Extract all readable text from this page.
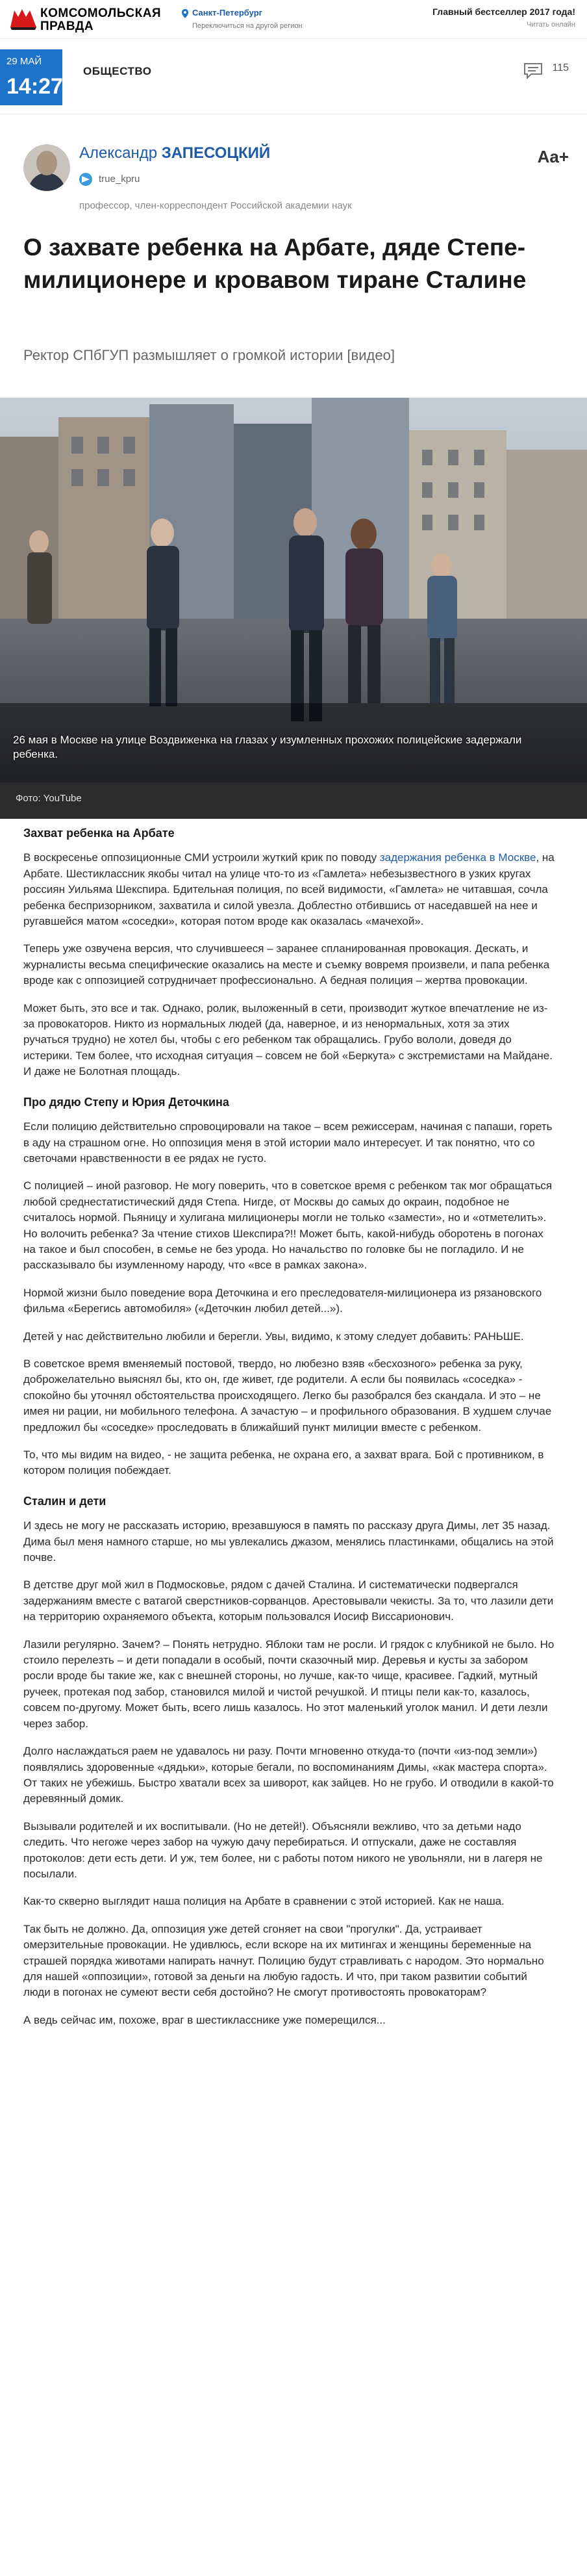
КОМСОМОЛЬСКАЯ
ПРАВДА
Санкт-Петербург
Переключиться на другой регион
Главный бестселлер 2017 года!
Читать онлайн
29 МАЙ
14:27
ОБЩЕСТВО	115
Александр ЗАПЕСОЦКИЙ
true_kpru
профессор, член-корреспондент Российской академии наук
Aa+
О захвате ребенка на Арбате, дяде Степе-милиционере и кровавом тиране Сталине
Ректор СПбГУП размышляет о громкой истории [видео]
26 мая в Москве на улице Воздвиженка на глазах у изумленных прохожих полицейские задержали ребенка.
Фото: YouTube
Захват ребенка на Арбате

В воскресенье оппозиционные СМИ устроили жуткий крик по поводу задержания ребенка в Москве, на Арбате. Шестиклассник якобы читал на улице что-то из «Гамлета» небезызвестного в узких кругах россиян Уильяма Шекспира. Бдительная полиция, по всей видимости, «Гамлета» не читавшая, сочла ребенка беспризорником, захватила и силой увезла. Доблестно отбившись от наседавшей на нее и ругавшейся матом «соседки», которая потом вроде как оказалась «мачехой».

Теперь уже озвучена версия, что случившееся – заранее спланированная провокация. Дескать, и журналисты весьма специфические оказались на месте и съемку вовремя произвели, и папа ребенка вроде как с оппозицией сотрудничает профессионально. А бедная полиция – жертва провокации.

Может быть, это все и так. Однако, ролик, выложенный в сети, производит жуткое впечатление не из-за провокаторов. Никто из нормальных людей (да, наверное, и из ненормальных, хотя за этих ручаться трудно) не хотел бы, чтобы с его ребенком так обращались. Грубо вололи, доведя до истерики. Тем более, что исходная ситуация – совсем не бой «Беркута» с экстремистами на Майдане. И даже не Болотная площадь.

Про дядю Степу и Юрия Деточкина

Если полицию действительно спровоцировали на такое – всем режиссерам, начиная с папаши, гореть в аду на страшном огне. Но оппозиция меня в этой истории мало интересует. И так понятно, что со светочами нравственности в ее рядах не густо.

С полицией – иной разговор. Не могу поверить, что в советское время с ребенком так мог обращаться любой среднестатистический дядя Степа. Нигде, от Москвы до самых до окраин, подобное не считалось нормой. Пьяницу и хулигана милиционеры могли не только «замести», но и «отметелить». Но волочить ребенка? За чтение стихов Шекспира?!! Может быть, какой-нибудь оборотень в погонах на такое и был способен, в семье не без урода. Но начальство по головке бы не погладило. И не рассказывало бы изумленному народу, что «все в рамках закона».

Нормой жизни было поведение вора Деточкина и его преследователя-милиционера из рязановского фильма «Берегись автомобиля» («Деточкин любил детей...»).

Детей у нас действительно любили и берегли. Увы, видимо, к этому следует добавить: РАНЬШЕ.

В советское время вменяемый постовой, твердо, но любезно взяв «бесхозного» ребенка за руку, доброжелательно выяснял бы, кто он, где живет, где родители. А если бы появилась «соседка» - спокойно бы уточнял обстоятельства происходящего. Легко бы разобрался без скандала. И это – не имея ни рации, ни мобильного телефона. А зачастую – и профильного образования. В худшем случае предложил бы «соседке» проследовать в ближайший пункт милиции вместе с ребенком.

То, что мы видим на видео, - не защита ребенка, не охрана его, а захват врага. Бой с противником, в котором полиция побеждает.

Сталин и дети

И здесь не могу не рассказать историю, врезавшуюся в память по рассказу друга Димы, лет 35 назад. Дима был меня намного старше, но мы увлекались джазом, менялись пластинками, общались на этой почве.

В детстве друг мой жил в Подмосковье, рядом с дачей Сталина. И систематически подвергался задержаниям вместе с ватагой сверстников-сорванцов. Арестовывали чекисты. За то, что лазили дети на территорию охраняемого объекта, которым пользовался Иосиф Виссарионович.

Лазили регулярно. Зачем? – Понять нетрудно. Яблоки там не росли. И грядок с клубникой не было. Но стоило перелезть – и дети попадали в особый, почти сказочный мир. Деревья и кусты за забором росли вроде бы такие же, как с внешней стороны, но лучше, как-то чище, красивее. Гадкий, мутный ручеек, протекая под забор, становился милой и чистой речушкой. И птицы пели как-то, казалось, совсем по-другому. Может быть, всего лишь казалось. Но этот маленький уголок манил. И дети лезли через забор.

Долго наслаждаться раем не удавалось ни разу. Почти мгновенно откуда-то (почти «из-под земли») появлялись здоровенные «дядьки», которые бегали, по воспоминаниям Димы, «как мастера спорта». От таких не убежишь. Быстро хватали всех за шиворот, как зайцев. Но не грубо. И отводили в какой-то деревянный домик.

Вызывали родителей и их воспитывали. (Но не детей!). Объясняли вежливо, что за детьми надо следить. Что негоже через забор на чужую дачу перебираться. И отпускали, даже не составляя протоколов: дети есть дети. И уж, тем более, ни с работы потом никого не увольняли, ни в лагеря не посылали.

Как-то скверно выглядит наша полиция на Арбате в сравнении с этой историей. Как не наша.

Так быть не должно. Да, оппозиция уже детей сгоняет на свои "прогулки". Да, устраивает омерзительные провокации. Не удивлюсь, если вскоре на их митингах и женщины беременные на страшей порядка животами напирать начнут. Полицию будут стравливать с народом. Это нормально для нашей «оппозиции», готовой за деньги на любую гадость. И что, при таком развитии событий люди в погонах не сумеют вести себя достойно? Не смогут противостоять провокаторам?

А ведь сейчас им, похоже, враг в шестикласснике уже померещился...
